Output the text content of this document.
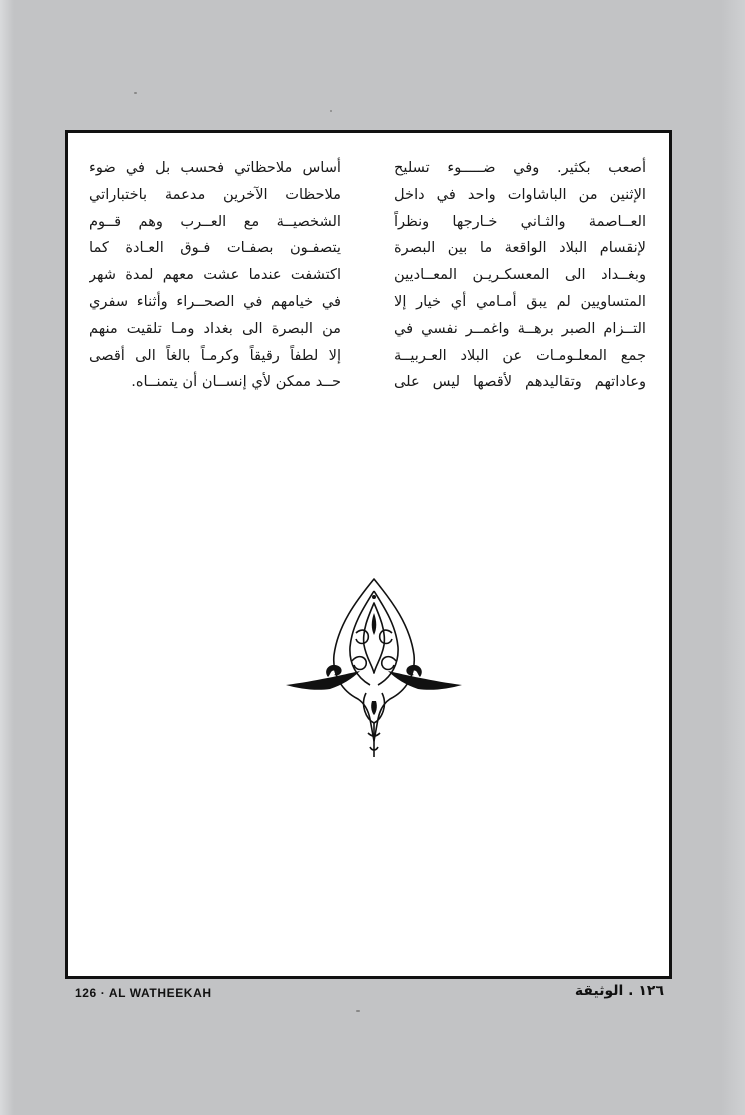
أصعب بكثير. وفي ضـــــوء تسليح
الإثنين من الباشاوات واحد في داخل
العــاصمة والثـاني خـارجها ونظراً
لإنقسام البلاد الواقعة ما بين البصرة
وبغــداد الى المعسكـريـن المعــاديين
المتساويين لم يبق أمـامي أي خيار إلا
التــزام الصبر برهــة واغمــر نفسي في
جمع المعلـومـات عن البلاد العـربيــة
وعاداتهم وتقاليدهم لأقصها ليس على
أساس ملاحظاتي فحسب بل في ضوء
ملاحظات الآخرين مدعمة باختباراتي
الشخصيــة مع العــرب وهم قــوم
يتصفـون بصفـات فـوق العـادة كما
اكتشفت عندما عشت معهم لمدة شهر
في خيامهم في الصحــراء وأثناء سفري
من البصرة الى بغداد ومـا تلقيت منهم
إلا لطفاً رقيقاً وكرمـاً بالغاً الى أقصى
حــد ممكن لأي إنســان أن يتمنــاه.
126 · AL WATHEEKAH	١٢٦ . الوثيقة
